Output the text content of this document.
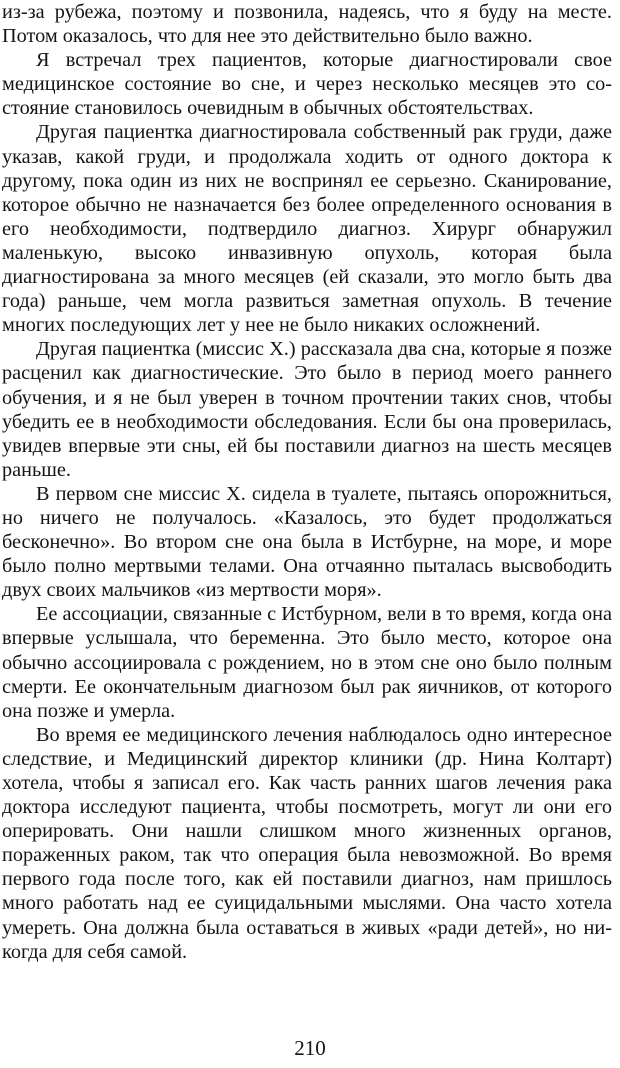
из-за рубежа, поэтому и позвонила, надеясь, что я буду на месте. Потом оказалось, что для нее это действительно было важно.

Я встречал трех пациентов, которые диагностировали свое медицинское состояние во сне, и через несколько месяцев это состояние становилось очевидным в обычных обстоятельствах.

Другая пациентка диагностировала собственный рак груди, даже указав, какой груди, и продолжала ходить от одного доктора к другому, пока один из них не воспринял ее серьезно. Сканирование, которое обычно не назначается без более определенного основания в его необходимости, подтвердило диагноз. Хирург обнаружил маленькую, высоко инвазивную опухоль, которая была диагностирована за много месяцев (ей сказали, это могло быть два года) раньше, чем могла развиться заметная опухоль. В течение многих последующих лет у нее не было никаких осложнений.

Другая пациентка (миссис X.) рассказала два сна, которые я позже расценил как диагностические. Это было в период моего раннего обучения, и я не был уверен в точном прочтении таких снов, чтобы убедить ее в необходимости обследования. Если бы она проверилась, увидев впервые эти сны, ей бы поставили диагноз на шесть месяцев раньше.

В первом сне миссис X. сидела в туалете, пытаясь опорожниться, но ничего не получалось. «Казалось, это будет продолжаться бесконечно». Во втором сне она была в Истбурне, на море, и море было полно мертвыми телами. Она отчаянно пыталась высвободить двух своих мальчиков «из мертвости моря».

Ее ассоциации, связанные с Истбурном, вели в то время, когда она впервые услышала, что беременна. Это было место, которое она обычно ассоциировала с рождением, но в этом сне оно было полным смерти. Ее окончательным диагнозом был рак яичников, от которого она позже и умерла.

Во время ее медицинского лечения наблюдалось одно интересное следствие, и Медицинский директор клиники (др. Нина Колтарт) хотела, чтобы я записал его. Как часть ранних шагов лечения рака доктора исследуют пациента, чтобы посмотреть, могут ли они его оперировать. Они нашли слишком много жизненных органов, пораженных раком, так что операция была невозможной. Во время первого года после того, как ей поставили диагноз, нам пришлось много работать над ее суицидальными мыслями. Она часто хотела умереть. Она должна была оставаться в живых «ради детей», но никогда для себя самой.

210
